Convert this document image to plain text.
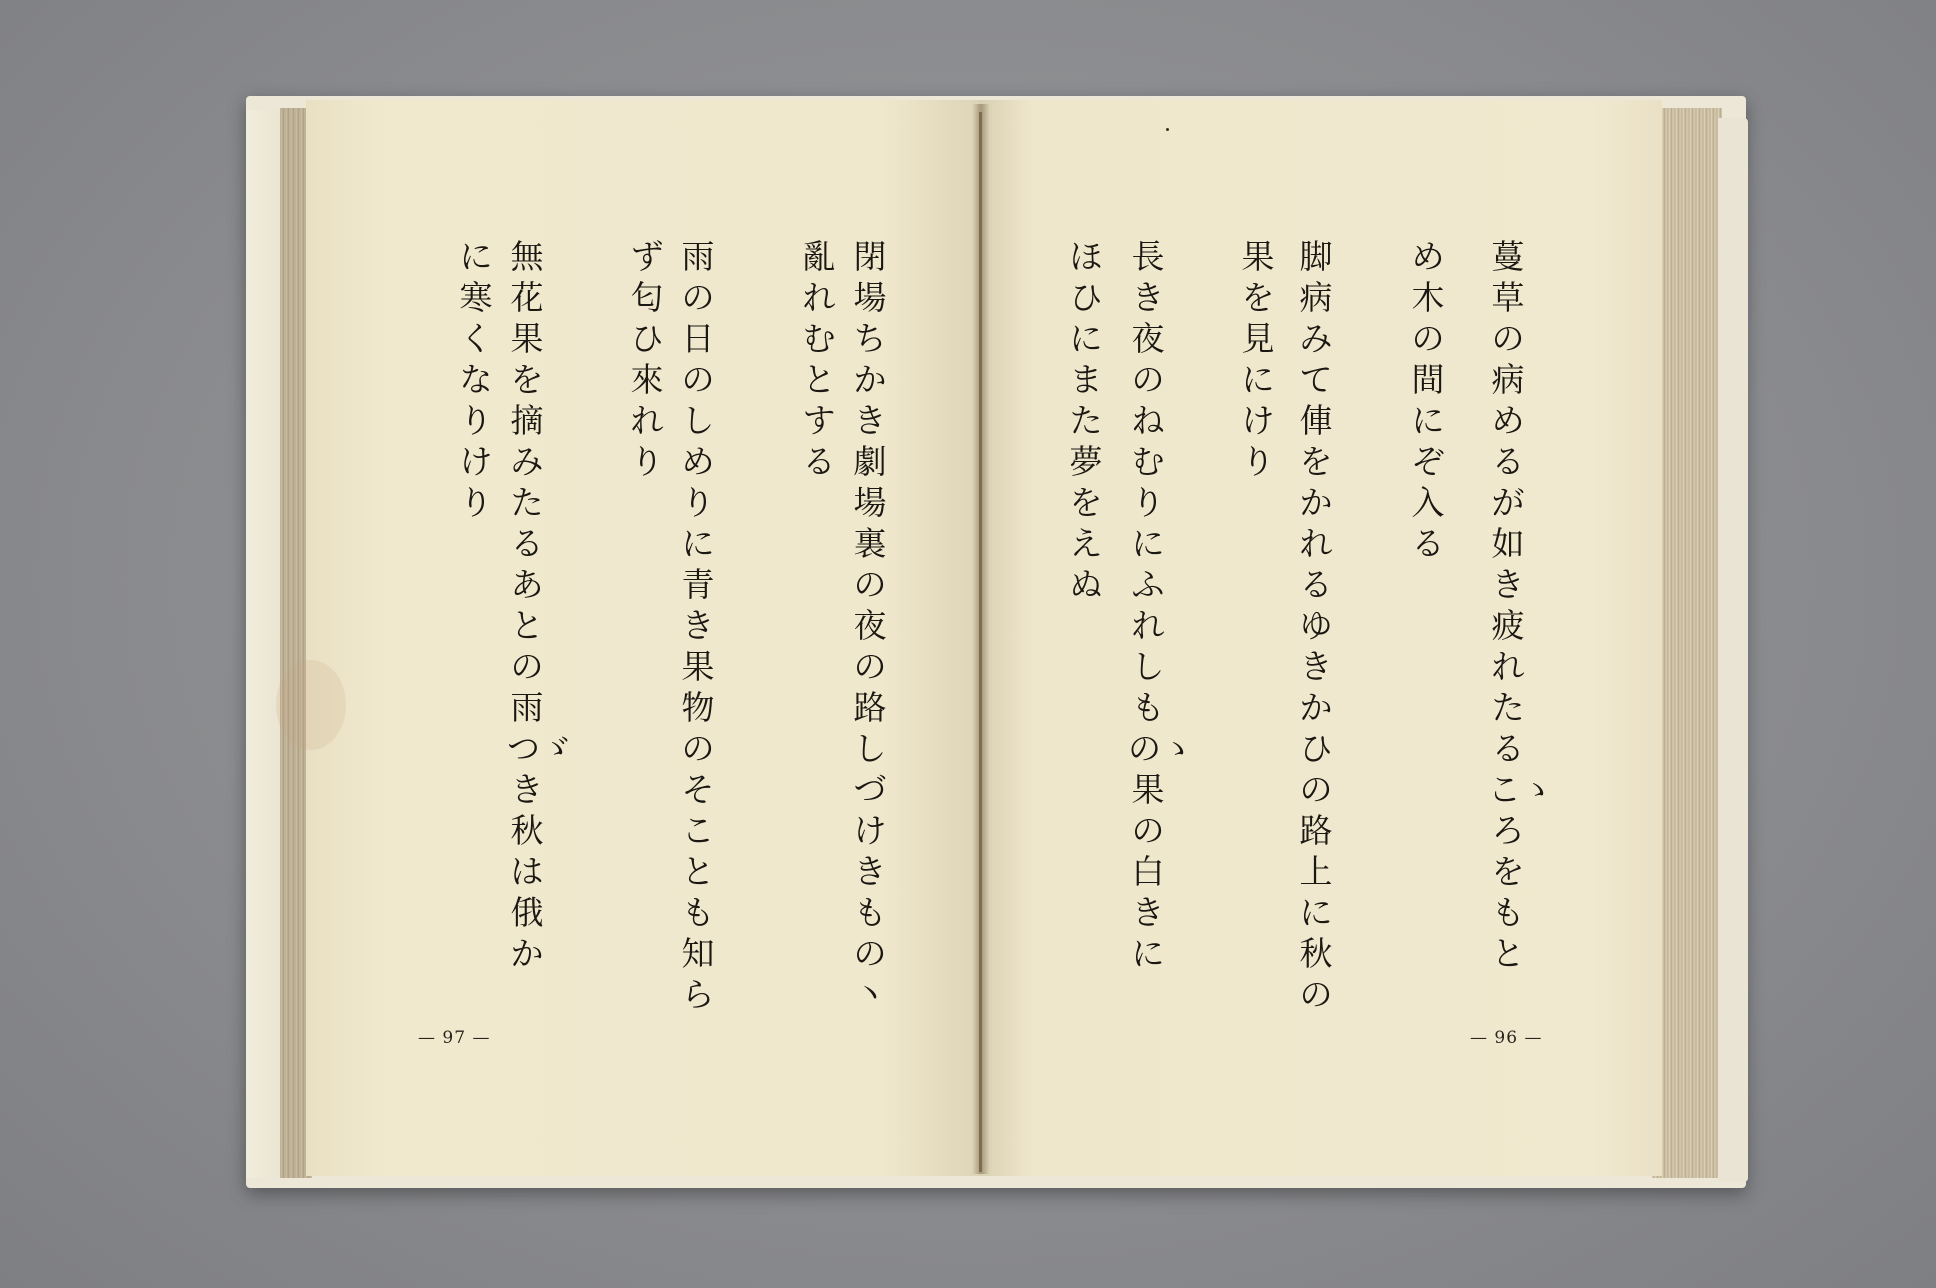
閉場ちかき劇場裏の夜の路しづけきもの丶
亂れむとする
雨の日のしめりに青き果物のそことも知ら
ず匂ひ來れり
無花果を摘みたるあとの雨つゞき秋は俄か
に寒くなりけり
— 97 —
蔓草の病めるが如き疲れたるこゝろをもと
め木の間にぞ入る
脚病みて俥をかれるゆきかひの路上に秋の
果を見にけり
長き夜のねむりにふれしものゝ果の白きに
ほひにまた夢をえぬ
— 96 —
